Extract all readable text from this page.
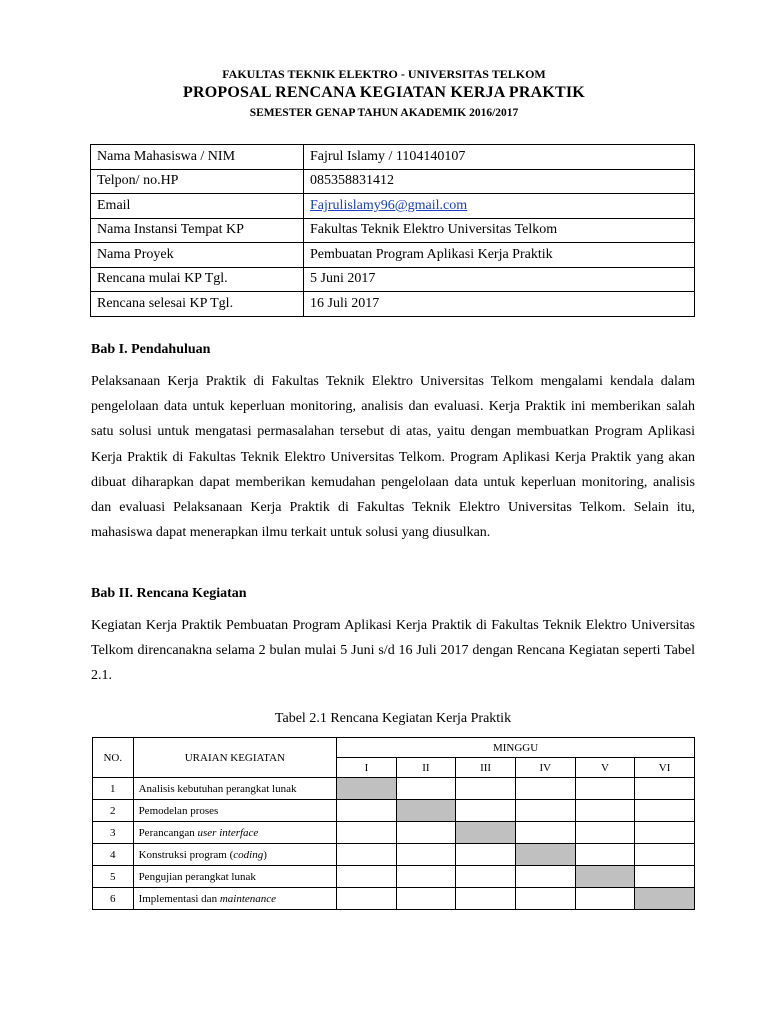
FAKULTAS TEKNIK ELEKTRO - UNIVERSITAS TELKOM
PROPOSAL RENCANA KEGIATAN KERJA PRAKTIK
SEMESTER GENAP TAHUN AKADEMIK 2016/2017
Nama Mahasiswa / NIM	Fajrul Islamy / 1104140107
Telpon/ no.HP	085358831412
Email	Fajrulislamy96@gmail.com
Nama Instansi Tempat KP	Fakultas Teknik Elektro Universitas Telkom
Nama Proyek	Pembuatan Program Aplikasi Kerja Praktik
Rencana mulai KP Tgl.	5 Juni 2017
Rencana selesai KP Tgl.	16 Juli 2017
Bab I. Pendahuluan

Pelaksanaan Kerja Praktik di Fakultas Teknik Elektro Universitas Telkom mengalami kendala dalam pengelolaan data untuk keperluan monitoring, analisis dan evaluasi. Kerja Praktik ini memberikan salah satu solusi untuk mengatasi permasalahan tersebut di atas, yaitu dengan membuatkan Program Aplikasi Kerja Praktik di Fakultas Teknik Elektro Universitas Telkom. Program Aplikasi Kerja Praktik yang akan dibuat diharapkan dapat memberikan kemudahan pengelolaan data untuk keperluan monitoring, analisis dan evaluasi Pelaksanaan Kerja Praktik di Fakultas Teknik Elektro Universitas Telkom. Selain itu, mahasiswa dapat menerapkan ilmu terkait untuk solusi yang diusulkan.

Bab II. Rencana Kegiatan

Kegiatan Kerja Praktik Pembuatan Program Aplikasi Kerja Praktik di Fakultas Teknik Elektro Universitas Telkom direncanakna selama 2 bulan mulai 5 Juni s/d 16 Juli 2017 dengan Rencana Kegiatan seperti Tabel 2.1.

Tabel 2.1 Rencana Kegiatan Kerja Praktik
NO.	URAIAN KEGIATAN	MINGGU					
		I	II	III	IV	V	VI
1	Analisis kebutuhan perangkat lunak						
2	Pemodelan proses						
3	Perancangan user interface						
4	Konstruksi program (coding)						
5	Pengujian perangkat lunak						
6	Implementasi dan maintenance						
